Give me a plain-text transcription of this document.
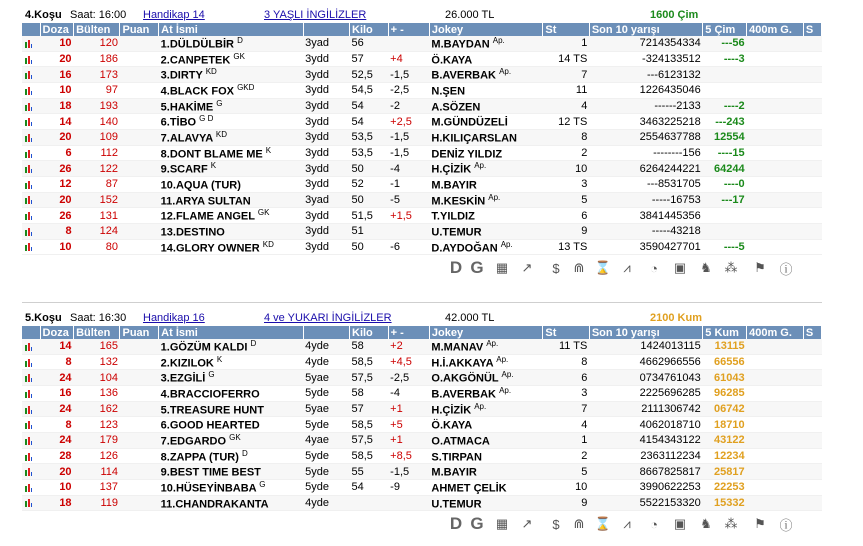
4.Koşu Saat: 16:00 Handikap 14	3 YAŞLI İNGİLİZLER	26.000 TL	1600 Çim
	Doza	Bülten	Puan	At İsmi		Kilo	+ -	Jokey	St	Son 10 yarışı	5 Çim	400m G.	S
	10	120		1.DÜLDÜLBİR $^D$	3yad	56		M.BAYDAN $^{Ap.}$	1	7214354334	---56		
	20	186		2.CANPETEK $^{GK}$	3ydd	57	+4	Ö.KAYA	14 TS	-324133512	----3		
	16	173		3.DIRTY $^{KD}$	3ydd	52,5	-1,5	B.AVERBAK $^{Ap.}$	7	---6123132			
	10	97		4.BLACK FOX $^{GKD}$	3ydd	54,5	-2,5	N.ŞEN	11	1226435046			
	18	193		5.HAKİME $^G$	3ydd	54	-2	A.SÖZEN	4	------2133	----2		
	14	140		6.TİBO $^{G D}$	3ydd	54	+2,5	M.GÜNDÜZELİ	12 TS	3463225218	---243		
	20	109		7.ALAVYA $^{KD}$	3ydd	53,5	-1,5	H.KILIÇARSLAN	8	2554637788	12554		
	6	112		8.DONT BLAME ME $^K$	3ydd	53,5	-1,5	DENİZ YILDIZ	2	--------156	----15		
	26	122		9.SCARF $^K$	3ydd	50	-4	H.ÇİZİK $^{Ap.}$	10	6264244221	64244		
	12	87		10.AQUA (TUR)	3ydd	52	-1	M.BAYIR	3	---8531705	----0		
	20	152		11.ARYA SULTAN	3yad	50	-5	M.KESKİN $^{Ap.}$	5	-----16753	---17		
	26	131		12.FLAME ANGEL $^{GK}$	3ydd	51,5	+1,5	T.YILDIZ	6	3841445356			
	8	124		13.DESTINO	3ydd	51		U.TEMUR	9	-----43218			
	10	80		14.GLORY OWNER $^{KD}$	3ydd	50	-6	D.AYDOĞAN $^{Ap.}$	13 TS	3590427701	----5		
D G ▦ ↗	$	⋒ ⌛ ⩘	◔	▣ ♞ ⁂ ⚑ ⓘ
5.Koşu Saat: 16:30 Handikap 16	4 ve YUKARI İNGİLİZLER	42.000 TL	2100 Kum
	Doza	Bülten	Puan	At İsmi		Kilo	+ -	Jokey	St	Son 10 yarışı	5 Kum	400m G.	S
	14	165		1.GÖZÜM KALDI $^D$	4yde	58	+2	M.MANAV $^{Ap.}$	11 TS	1424013115	13115		
	8	132		2.KIZILOK $^K$	4yde	58,5	+4,5	H.İ.AKKAYA $^{Ap.}$	8	4662966556	66556		
	24	104		3.EZGİLİ $^G$	5yae	57,5	-2,5	O.AKGÖNÜL $^{Ap.}$	6	0734761043	61043		
	16	136		4.BRACCIOFERRO	5yde	58	-4	B.AVERBAK $^{Ap.}$	3	2225696285	96285		
	24	162		5.TREASURE HUNT	5yae	57	+1	H.ÇİZİK $^{Ap.}$	7	2111306742	06742		
	8	123		6.GOOD HEARTED	5yde	58,5	+5	Ö.KAYA	4	4062018710	18710		
	24	179		7.EDGARDO $^{GK}$	4yae	57,5	+1	O.ATMACA	1	4154343122	43122		
	28	126		8.ZAPPA (TUR) $^D$	5yde	58,5	+8,5	S.TIRPAN	2	2363112234	12234		
	20	114		9.BEST TIME BEST	5yde	55	-1,5	M.BAYIR	5	8667825817	25817		
	10	137		10.HÜSEYİNBABA $^G$	5yde	54	-9	AHMET ÇELİK	10	3990622253	22253		
	18	119		11.CHANDRAKANTA	4yde			U.TEMUR	9	5522153320	15332		
D G ▦ ↗	$	⋒ ⌛ ⩘	◔	▣ ♞ ⁂ ⚑ ⓘ
